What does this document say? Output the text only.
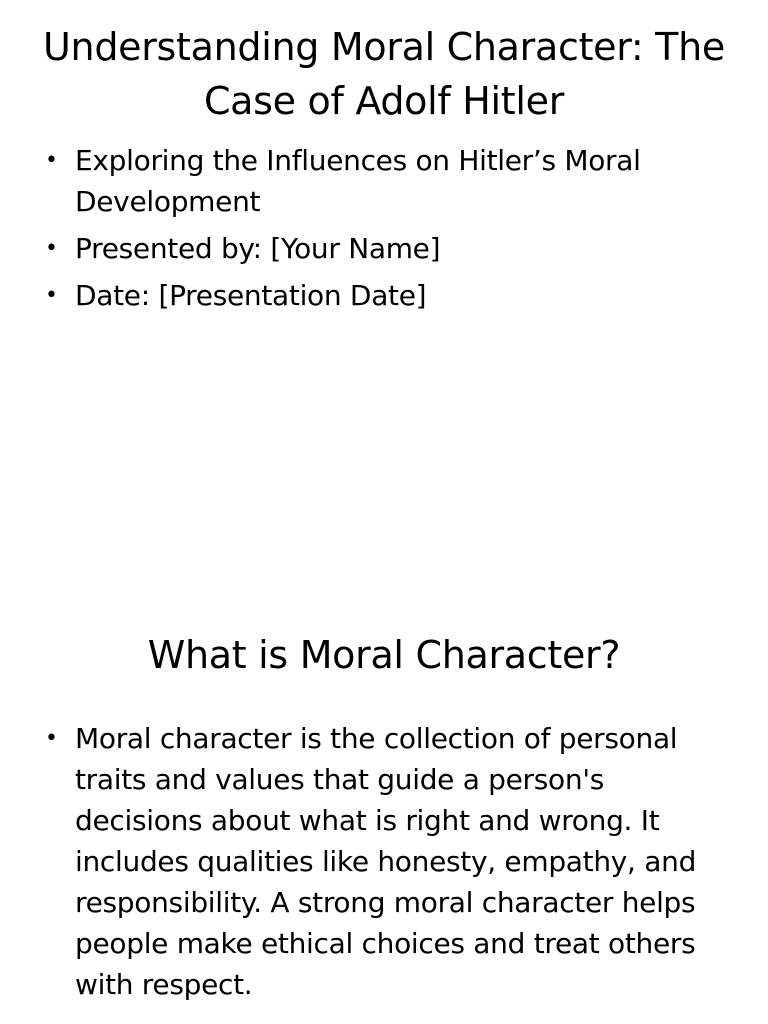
Understanding Moral Character: The Case of Adolf Hitler
• Exploring the Influences on Hitler’s Moral Development
• Presented by: [Your Name]
• Date: [Presentation Date]
What is Moral Character?
• Moral character is the collection of personal traits and values that guide a person's decisions about what is right and wrong. It includes qualities like honesty, empathy, and responsibility. A strong moral character helps people make ethical choices and treat others with respect.
